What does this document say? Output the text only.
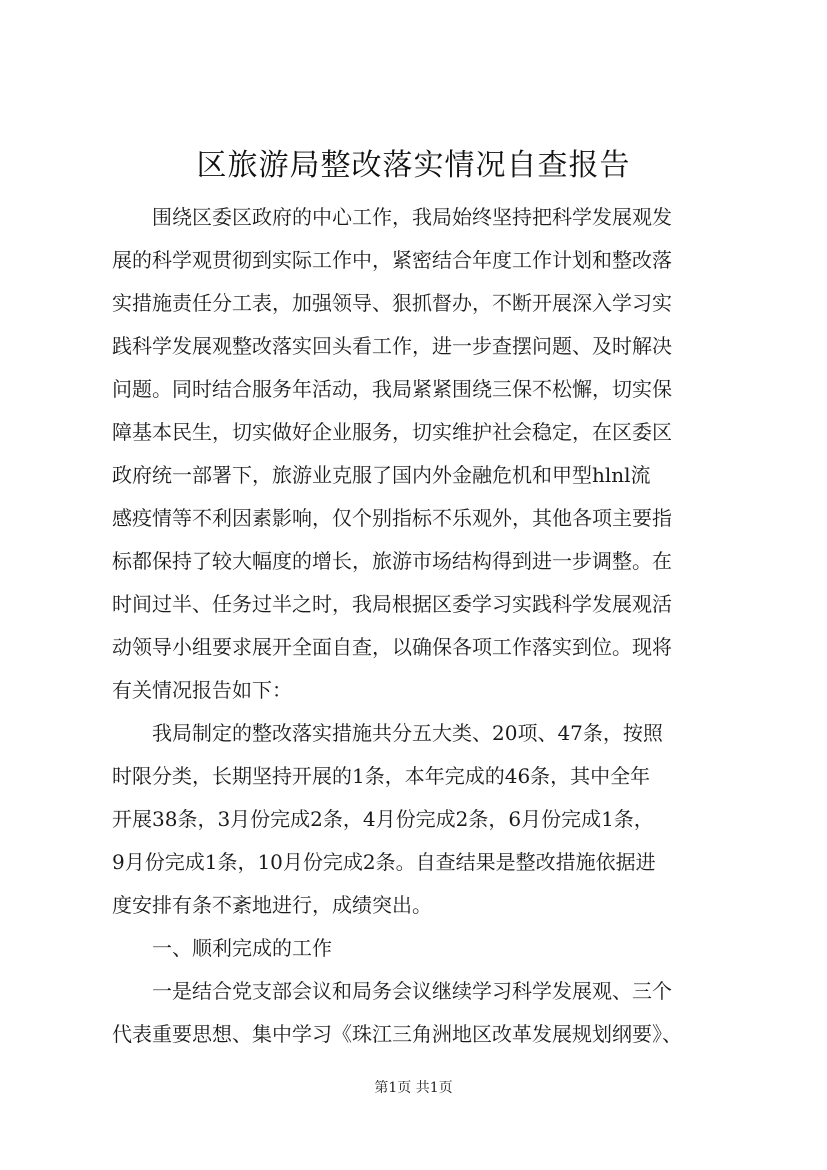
区旅游局整改落实情况自查报告
围绕区委区政府的中心工作，我局始终坚持把科学发展观发
展的科学观贯彻到实际工作中，紧密结合年度工作计划和整改落
实措施责任分工表，加强领导、狠抓督办，不断开展深入学习实
践科学发展观整改落实回头看工作，进一步查摆问题、及时解决
问题。同时结合服务年活动，我局紧紧围绕三保不松懈，切实保
障基本民生，切实做好企业服务，切实维护社会稳定，在区委区
政府统一部署下，旅游业克服了国内外金融危机和甲型hlnl流
感疫情等不利因素影响，仅个别指标不乐观外，其他各项主要指
标都保持了较大幅度的增长，旅游市场结构得到进一步调整。在
时间过半、任务过半之时，我局根据区委学习实践科学发展观活
动领导小组要求展开全面自查，以确保各项工作落实到位。现将
有关情况报告如下：
我局制定的整改落实措施共分五大类、20项、47条，按照
时限分类，长期坚持开展的1条，本年完成的46条，其中全年
开展38条，3月份完成2条，4月份完成2条，6月份完成1条，
9月份完成1条，10月份完成2条。自查结果是整改措施依据进
度安排有条不紊地进行，成绩突出。
一、顺利完成的工作
一是结合党支部会议和局务会议继续学习科学发展观、三个
代表重要思想、集中学习《珠江三角洲地区改革发展规划纲要》、
第1页 共1页
